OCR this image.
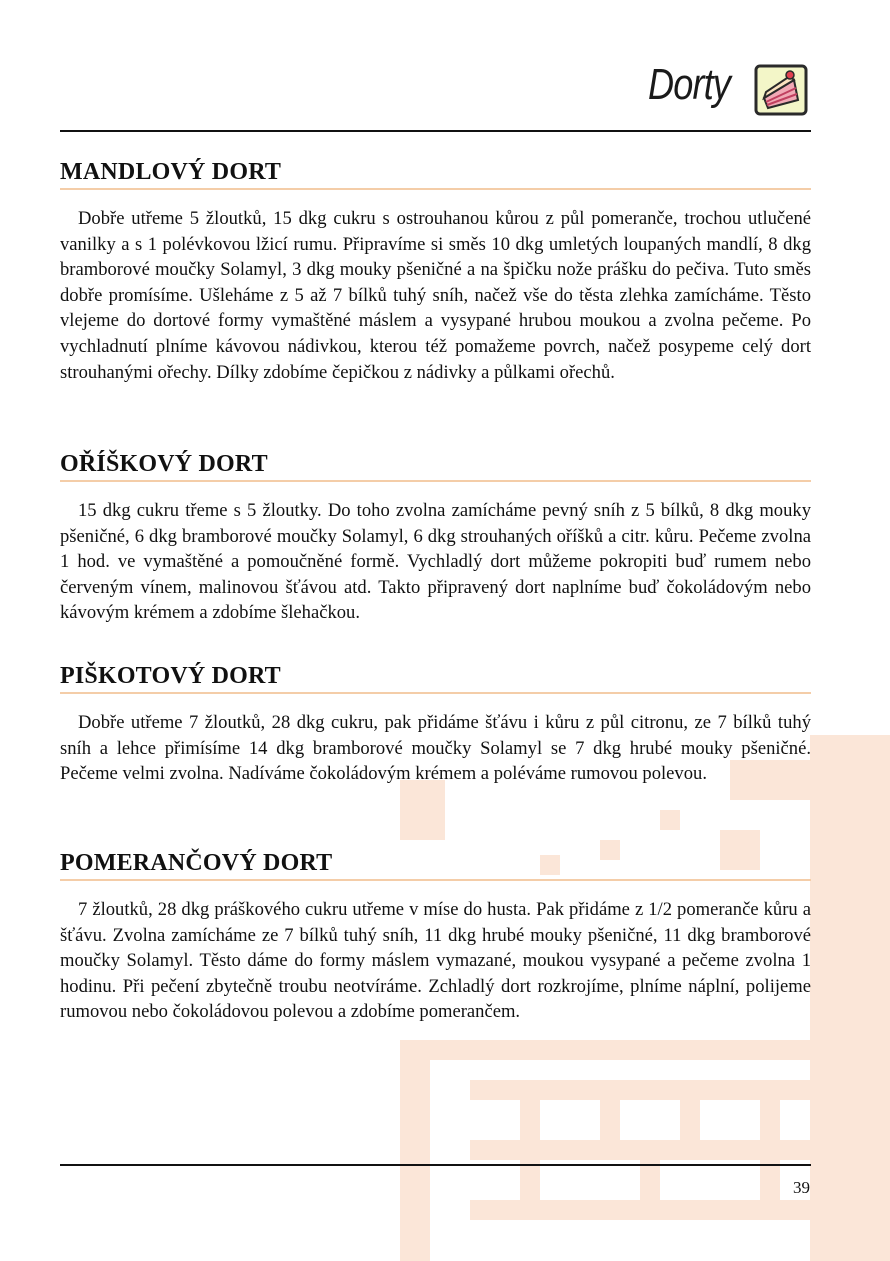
Dorty
MANDLOVÝ DORT

Dobře utřeme 5 žloutků, 15 dkg cukru s ostrouhanou kůrou z půl pomeranče, trochou utlučené vanilky a s 1 polévkovou lžicí rumu. Připravíme si směs 10 dkg umletých loupaných mandlí, 8 dkg bramborové moučky Solamyl, 3 dkg mouky pšeničné a na špičku nože prášku do pečiva. Tuto směs dobře promísíme. Ušleháme z 5 až 7 bílků tuhý sníh, načež vše do těsta zlehka zamícháme. Těsto vlejeme do dortové formy vymaštěné máslem a vysypané hrubou moukou a zvolna pečeme. Po vychladnutí plníme kávovou nádivkou, kterou též pomažeme povrch, načež posypeme celý dort strouhanými ořechy. Dílky zdobíme čepičkou z nádivky a půlkami ořechů.

OŘÍŠKOVÝ DORT

15 dkg cukru třeme s 5 žloutky. Do toho zvolna zamícháme pevný sníh z 5 bílků, 8 dkg mouky pšeničné, 6 dkg bramborové moučky Solamyl, 6 dkg strouhaných oříšků a citr. kůru. Pečeme zvolna 1 hod. ve vymaštěné a pomoučněné formě. Vychladlý dort můžeme pokropiti buď rumem nebo červeným vínem, malinovou šťávou atd. Takto připravený dort naplníme buď čokoládovým nebo kávovým krémem a zdobíme šlehačkou.

PIŠKOTOVÝ DORT

Dobře utřeme 7 žloutků, 28 dkg cukru, pak přidáme šťávu i kůru z půl citronu, ze 7 bílků tuhý sníh a lehce přimísíme 14 dkg bramborové moučky Solamyl se 7 dkg hrubé mouky pšeničné. Pečeme velmi zvolna. Nadíváme čokoládovým krémem a poléváme rumovou polevou.

POMERANČOVÝ DORT

7 žloutků, 28 dkg práškového cukru utřeme v míse do husta. Pak přidáme z 1/2 pomeranče kůru a šťávu. Zvolna zamícháme ze 7 bílků tuhý sníh, 11 dkg hrubé mouky pšeničné, 11 dkg bramborové moučky Solamyl. Těsto dáme do formy máslem vymazané, moukou vysypané a pečeme zvolna 1 hodinu. Při pečení zbytečně troubu neotvíráme. Zchladlý dort rozkrojíme, plníme náplní, polijeme rumovou nebo čokoládovou polevou a zdobíme pomerančem.

39
